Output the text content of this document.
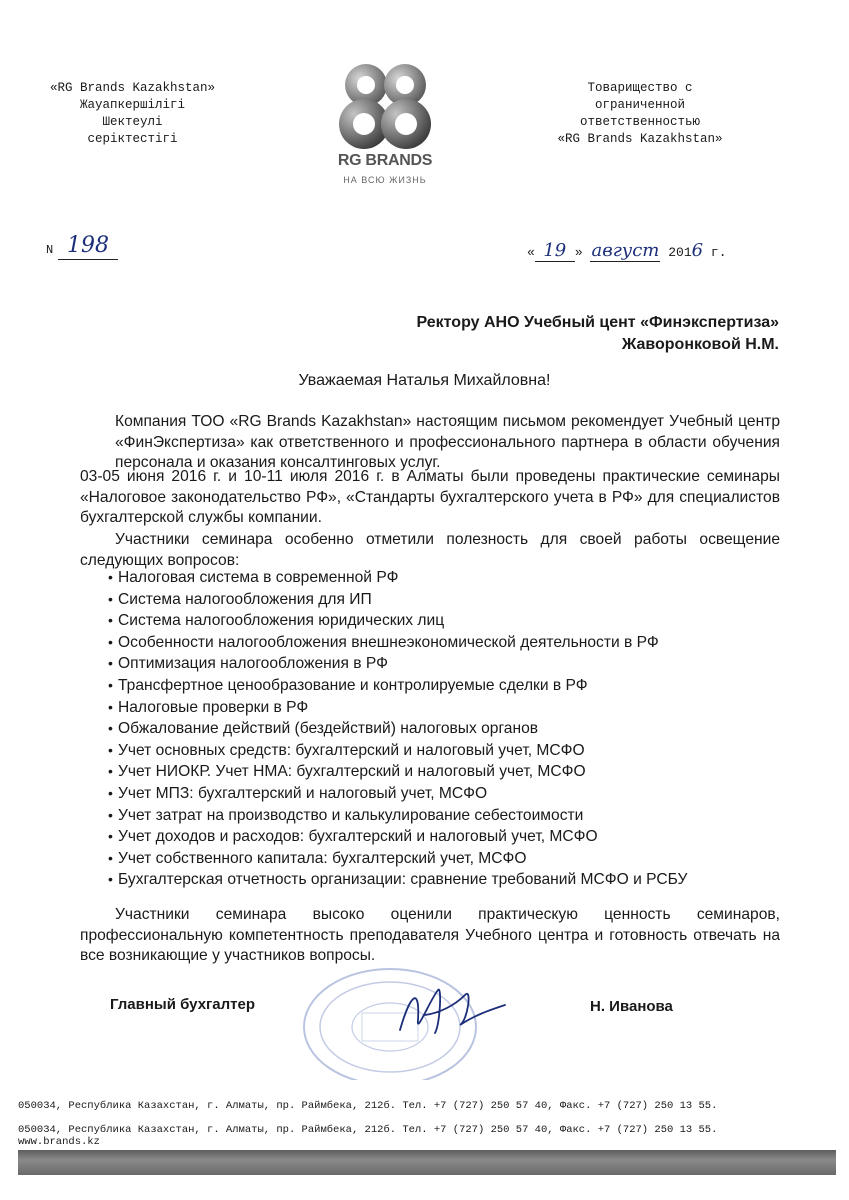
«RG Brands Kazakhstan»
Жауапкершілігі
Шектеулі
серіктестігі
RG BRANDS
НА ВСЮ ЖИЗНЬ
Товарищество с
ограниченной
ответственностью
«RG Brands Kazakhstan»
N 198	« 19 » август 2016 г.
Ректору АНО Учебный цент «Финэкспертиза»
Жаворонковой Н.М.
Уважаемая Наталья Михайловна!
Компания ТОО «RG Brands Kazakhstan» настоящим письмом рекомендует Учебный центр «ФинЭкспертиза» как ответственного и профессионального партнера в области обучения персонала и оказания консалтинговых услуг.
03-05 июня 2016 г. и 10-11 июля 2016 г. в Алматы были проведены практические семинары «Налоговое законодательство РФ», «Стандарты бухгалтерского учета в РФ» для специалистов бухгалтерской службы компании.
Участники семинара особенно отметили полезность для своей работы освещение следующих вопросов:
• Налоговая система в современной РФ
• Система налогообложения для ИП
• Система налогообложения юридических лиц
• Особенности налогообложения внешнеэкономической деятельности в РФ
• Оптимизация налогообложения в РФ
• Трансфертное ценообразование и контролируемые сделки в РФ
• Налоговые проверки в РФ
• Обжалование действий (бездействий) налоговых органов
• Учет основных средств: бухгалтерский и налоговый учет, МСФО
• Учет НИОКР. Учет НМА: бухгалтерский и налоговый учет, МСФО
• Учет МПЗ: бухгалтерский и налоговый учет, МСФО
• Учет затрат на производство и калькулирование себестоимости
• Учет доходов и расходов: бухгалтерский и налоговый учет, МСФО
• Учет собственного капитала: бухгалтерский учет, МСФО
• Бухгалтерская отчетность организации: сравнение требований МСФО и РСБУ
Участники семинара высоко оценили практическую ценность семинаров, профессиональную компетентность преподавателя Учебного центра и готовность отвечать на все возникающие у участников вопросы.
Главный бухгалтер	Н. Иванова
050034, Республика Казахстан, г. Алматы, пр. Раймбека, 212б. Тел. +7 (727) 250 57 40, Факс. +7 (727) 250 13 55.
050034, Республика Казахстан, г. Алматы, пр. Раймбека, 212б. Тел. +7 (727) 250 57 40, Факс. +7 (727) 250 13 55. www.brands.kz
